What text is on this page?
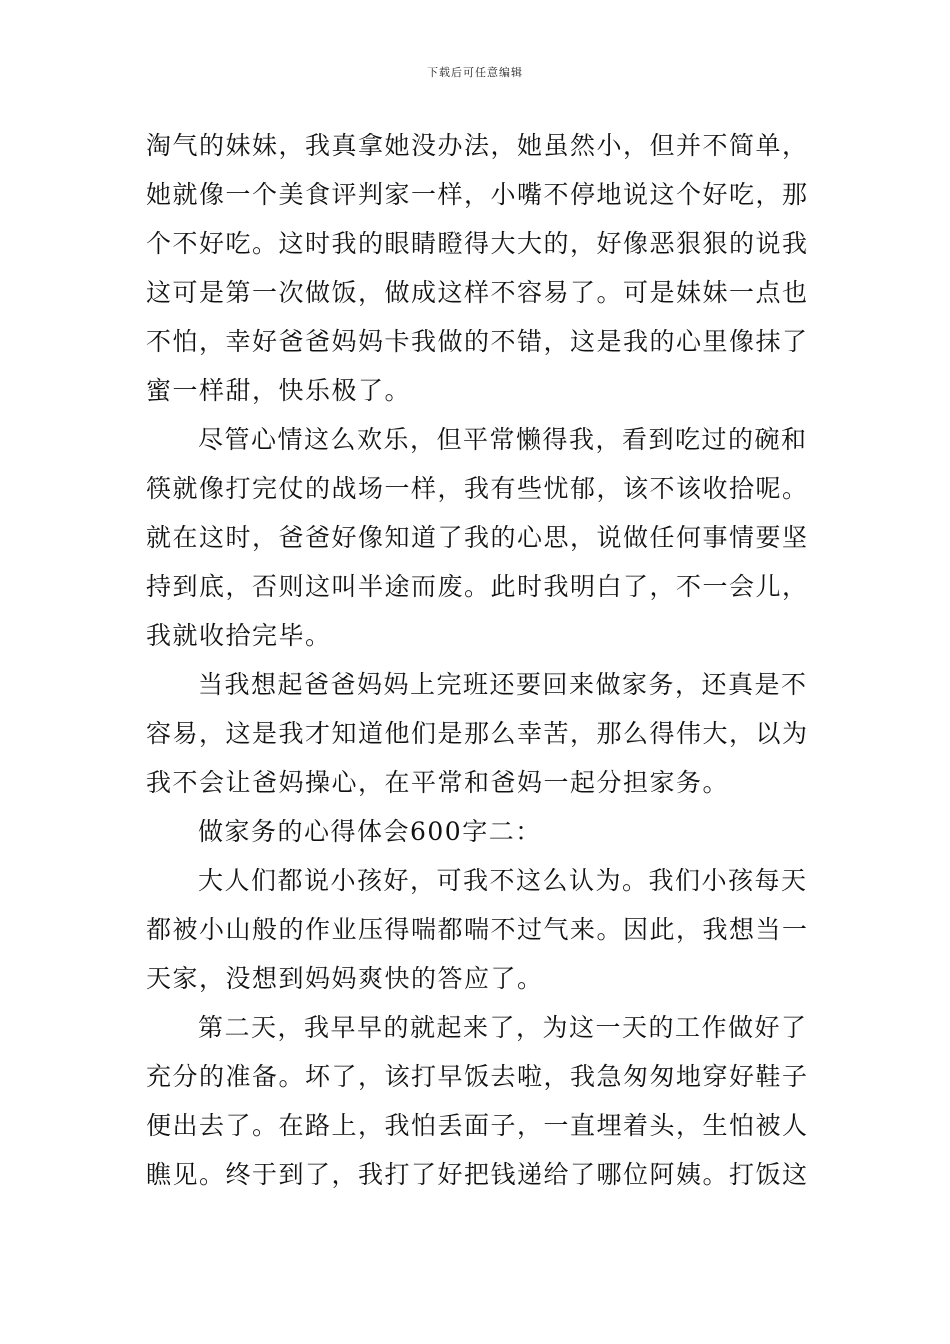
下载后可任意编辑
淘气的妹妹，我真拿她没办法，她虽然小，但并不简单，
她就像一个美食评判家一样，小嘴不停地说这个好吃，那
个不好吃。这时我的眼睛瞪得大大的，好像恶狠狠的说我
这可是第一次做饭，做成这样不容易了。可是妹妹一点也
不怕，幸好爸爸妈妈卡我做的不错，这是我的心里像抹了
蜜一样甜，快乐极了。
尽管心情这么欢乐，但平常懒得我，看到吃过的碗和
筷就像打完仗的战场一样，我有些忧郁，该不该收拾呢。
就在这时，爸爸好像知道了我的心思，说做任何事情要坚
持到底，否则这叫半途而废。此时我明白了，不一会儿，
我就收拾完毕。
当我想起爸爸妈妈上完班还要回来做家务，还真是不
容易，这是我才知道他们是那么幸苦，那么得伟大，以为
我不会让爸妈操心，在平常和爸妈一起分担家务。
做家务的心得体会600字二：
大人们都说小孩好，可我不这么认为。我们小孩每天
都被小山般的作业压得喘都喘不过气来。因此，我想当一
天家，没想到妈妈爽快的答应了。
第二天，我早早的就起来了，为这一天的工作做好了
充分的准备。坏了，该打早饭去啦，我急匆匆地穿好鞋子
便出去了。在路上，我怕丢面子，一直埋着头，生怕被人
瞧见。终于到了，我打了好把钱递给了哪位阿姨。打饭这
